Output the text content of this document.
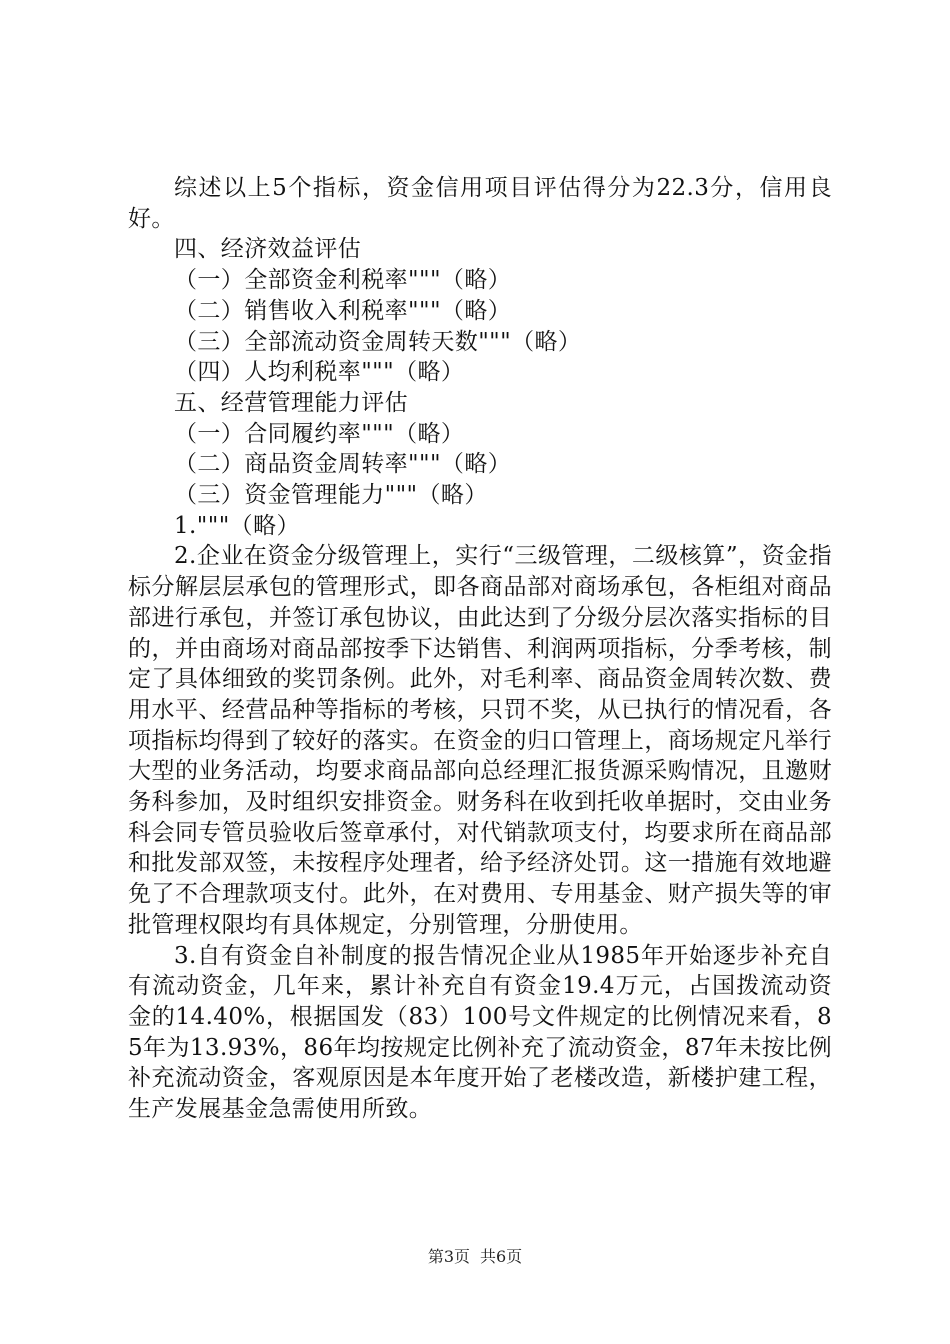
综述以上5个指标，资金信用项目评估得分为22.3分，信用良好。

四、经济效益评估

（一）全部资金利税率"""（略）

（二）销售收入利税率"""（略）

（三）全部流动资金周转天数"""（略）

（四）人均利税率"""（略）

五、经营管理能力评估

（一）合同履约率"""（略）

（二）商品资金周转率"""（略）

（三）资金管理能力"""（略）

1."""（略）

2.企业在资金分级管理上，实行“三级管理，二级核算”，资金指标分解层层承包的管理形式，即各商品部对商场承包，各柜组对商品部进行承包，并签订承包协议，由此达到了分级分层次落实指标的目的，并由商场对商品部按季下达销售、利润两项指标，分季考核，制定了具体细致的奖罚条例。此外，对毛利率、商品资金周转次数、费用水平、经营品种等指标的考核，只罚不奖，从已执行的情况看，各项指标均得到了较好的落实。在资金的归口管理上，商场规定凡举行大型的业务活动，均要求商品部向总经理汇报货源采购情况，且邀财务科参加，及时组织安排资金。财务科在收到托收单据时，交由业务科会同专管员验收后签章承付，对代销款项支付，均要求所在商品部和批发部双签，未按程序处理者，给予经济处罚。这一措施有效地避免了不合理款项支付。此外，在对费用、专用基金、财产损失等的审批管理权限均有具体规定，分别管理，分册使用。

3.自有资金自补制度的报告情况企业从1985年开始逐步补充自有流动资金，几年来，累计补充自有资金19.4万元，占国拨流动资金的14.40%，根据国发（83）100号文件规定的比例情况来看，85年为13.93%，86年均按规定比例补充了流动资金，87年未按比例补充流动资金，客观原因是本年度开始了老楼改造，新楼护建工程，生产发展基金急需使用所致。

第3页 共6页
